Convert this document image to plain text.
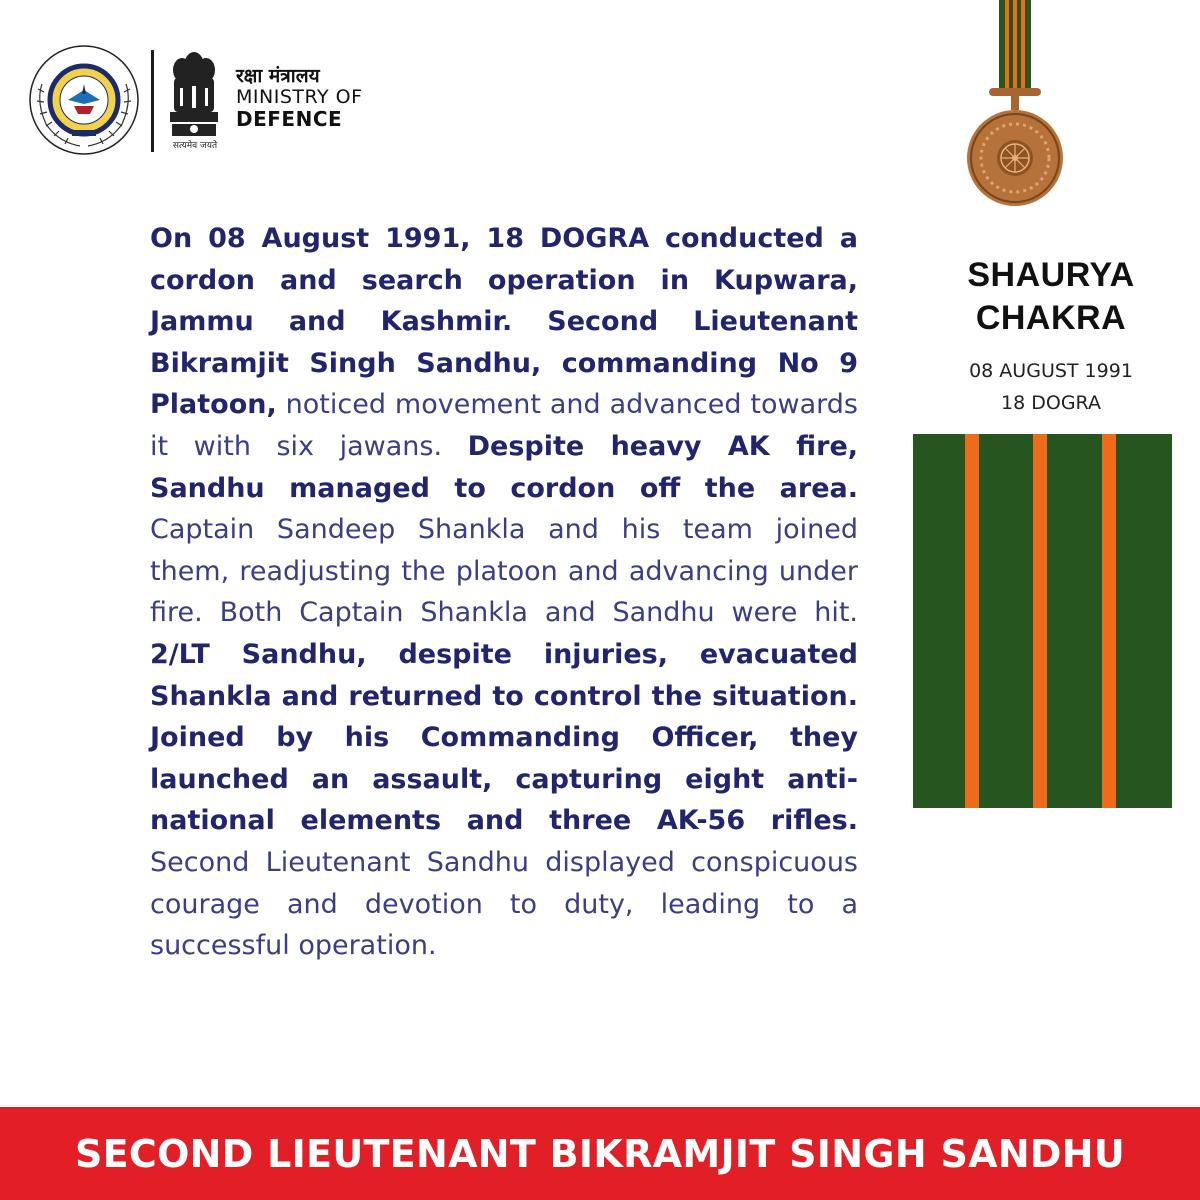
सत्यमेव जयते
रक्षा मंत्रालय
MINISTRY OF
DEFENCE

On 08 August 1991, 18 DOGRA conducted a cordon and search operation in Kupwara, Jammu and Kashmir. Second Lieutenant Bikramjit Singh Sandhu, commanding No 9 Platoon, noticed movement and advanced towards it with six jawans. Despite heavy AK fire, Sandhu managed to cordon off the area. Captain Sandeep Shankla and his team joined them, readjusting the platoon and advancing under fire. Both Captain Shankla and Sandhu were hit. 2/LT Sandhu, despite injuries, evacuated Shankla and returned to control the situation. Joined by his Commanding Officer, they launched an assault, capturing eight anti-national elements and three AK-56 rifles. Second Lieutenant Sandhu displayed conspicuous courage and devotion to duty, leading to a successful operation.

SHAURYA
CHAKRA
08 AUGUST 1991
18 DOGRA
SECOND LIEUTENANT BIKRAMJIT SINGH SANDHU
